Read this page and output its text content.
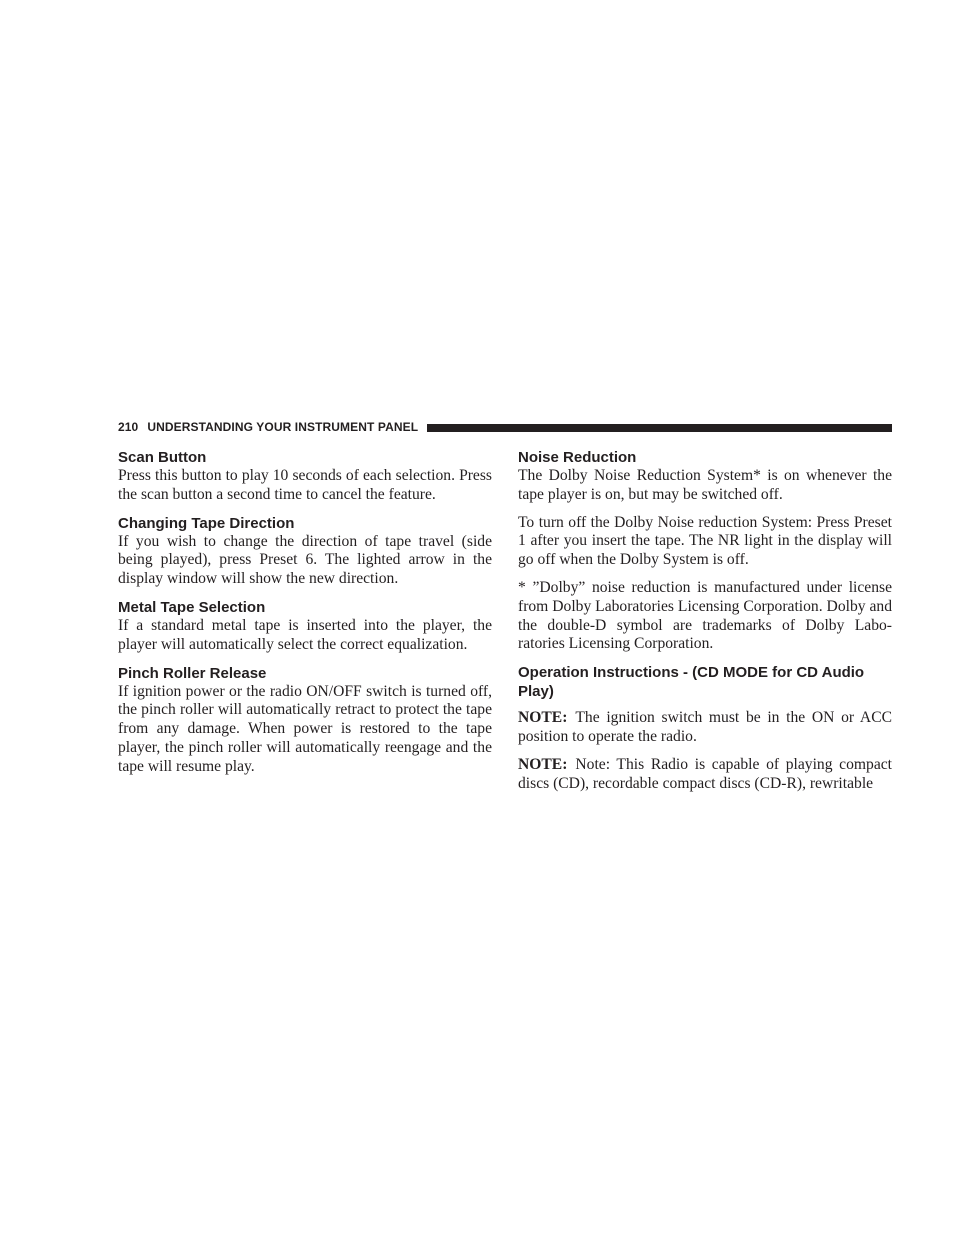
210 UNDERSTANDING YOUR INSTRUMENT PANEL
Scan Button

Press this button to play 10 seconds of each selection. Press the scan button a second time to cancel the feature.

Changing Tape Direction

If you wish to change the direction of tape travel (side being played), press Preset 6. The lighted arrow in the display window will show the new direction.

Metal Tape Selection

If a standard metal tape is inserted into the player, the player will automatically select the correct equalization.

Pinch Roller Release

If ignition power or the radio ON/OFF switch is turned off, the pinch roller will automatically retract to protect the tape from any damage. When power is restored to the tape player, the pinch roller will automatically reengage and the tape will resume play.

Noise Reduction

The Dolby Noise Reduction System* is on whenever the tape player is on, but may be switched off.

To turn off the Dolby Noise reduction System: Press Preset 1 after you insert the tape. The NR light in the display will go off when the Dolby System is off.

* ”Dolby” noise reduction is manufactured under license from Dolby Laboratories Licensing Corporation. Dolby and the double-D symbol are trademarks of Dolby Labo-ratories Licensing Corporation.

Operation Instructions - (CD MODE for CD Audio Play)

NOTE: The ignition switch must be in the ON or ACC position to operate the radio.

NOTE: Note: This Radio is capable of playing compact discs (CD), recordable compact discs (CD-R), rewritable
